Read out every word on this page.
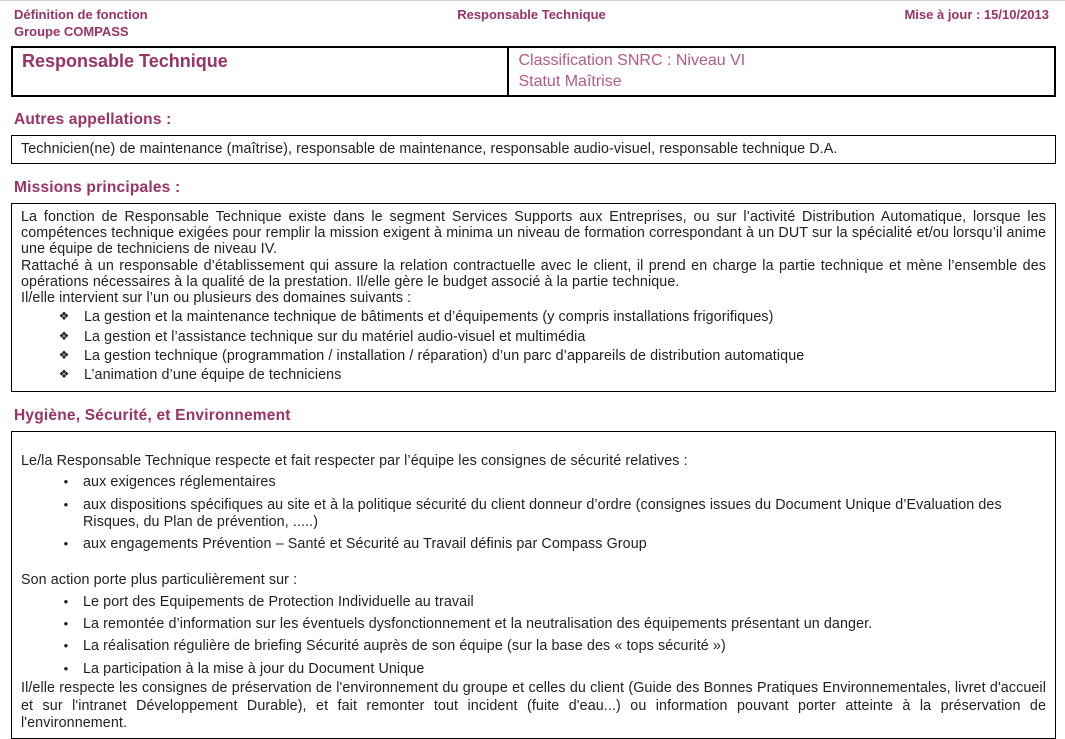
Définition de fonction
Groupe COMPASS
Responsable Technique	Mise à jour : 15/10/2013
Responsable Technique	Classification SNRC : Niveau VI
Statut Maîtrise
Autres appellations :

Technicien(ne) de maintenance (maîtrise), responsable de maintenance, responsable audio-visuel, responsable technique D.A.

Missions principales :

La fonction de Responsable Technique existe dans le segment Services Supports aux Entreprises, ou sur l’activité Distribution Automatique, lorsque les compétences technique exigées pour remplir la mission exigent à minima un niveau de formation correspondant à un DUT sur la spécialité et/ou lorsqu’il anime une équipe de techniciens de niveau IV.

Rattaché à un responsable d’établissement qui assure la relation contractuelle avec le client, il prend en charge la partie technique et mène l’ensemble des opérations nécessaires à la qualité de la prestation. Il/elle gère le budget associé à la partie technique.

Il/elle intervient sur l’un ou plusieurs des domaines suivants :

❖ La gestion et la maintenance technique de bâtiments et d’équipements (y compris installations frigorifiques)
❖ La gestion et l’assistance technique sur du matériel audio-visuel et multimédia
❖ La gestion technique (programmation / installation / réparation) d’un parc d’appareils de distribution automatique
❖ L’animation d’une équipe de techniciens
Hygiène, Sécurité, et Environnement

Le/la Responsable Technique respecte et fait respecter par l’équipe les consignes de sécurité relatives :

• aux exigences réglementaires
• aux dispositions spécifiques au site et à la politique sécurité du client donneur d’ordre (consignes issues du Document Unique d’Evaluation des Risques, du Plan de prévention, .....)
• aux engagements Prévention – Santé et Sécurité au Travail définis par Compass Group

Son action porte plus particulièrement sur :

• Le port des Equipements de Protection Individuelle au travail
• La remontée d’information sur les éventuels dysfonctionnement et la neutralisation des équipements présentant un danger.
• La réalisation régulière de briefing Sécurité auprès de son équipe (sur la base des « tops sécurité »)
• La participation à la mise à jour du Document Unique

Il/elle respecte les consignes de préservation de l'environnement du groupe et celles du client (Guide des Bonnes Pratiques Environnementales, livret d'accueil et sur l'intranet Développement Durable), et fait remonter tout incident (fuite d'eau...) ou information pouvant porter atteinte à la préservation de l'environnement.
